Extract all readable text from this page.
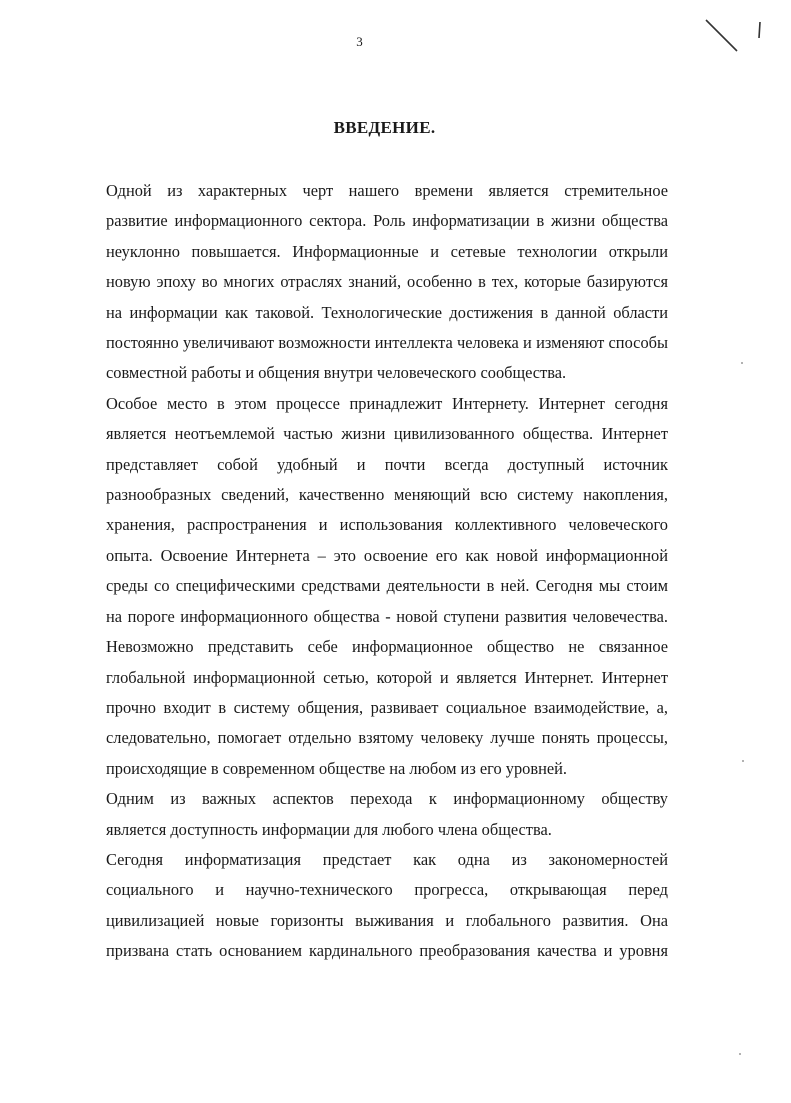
3
ВВЕДЕНИЕ.

Одной из характерных черт нашего времени является стремительное
развитие информационного сектора. Роль информатизации в жизни общества
неуклонно повышается. Информационные и сетевые технологии открыли
новую эпоху во многих отраслях знаний, особенно в тех, которые базируются
на информации как таковой. Технологические достижения в данной области
постоянно увеличивают возможности интеллекта человека и изменяют способы
совместной работы и общения внутри человеческого сообщества.

Особое место в этом процессе принадлежит Интернету. Интернет сегодня
является неотъемлемой частью жизни цивилизованного общества. Интернет
представляет собой удобный и почти всегда доступный источник
разнообразных сведений, качественно меняющий всю систему накопления,
хранения, распространения и использования коллективного человеческого
опыта. Освоение Интернета – это освоение его как новой информационной
среды со специфическими средствами деятельности в ней. Сегодня мы стоим
на пороге информационного общества - новой ступени развития человечества.
Невозможно представить себе информационное общество не связанное
глобальной информационной сетью, которой и является Интернет. Интернет
прочно входит в систему общения, развивает социальное взаимодействие, а,
следовательно, помогает отдельно взятому человеку лучше понять процессы,
происходящие в современном обществе на любом из его уровней.

Одним из важных аспектов перехода к информационному обществу
является доступность информации для любого члена общества.

Сегодня информатизация предстает как одна из закономерностей
социального и научно-технического прогресса, открывающая перед
цивилизацией новые горизонты выживания и глобального развития. Она
призвана стать основанием кардинального преобразования качества и уровня
